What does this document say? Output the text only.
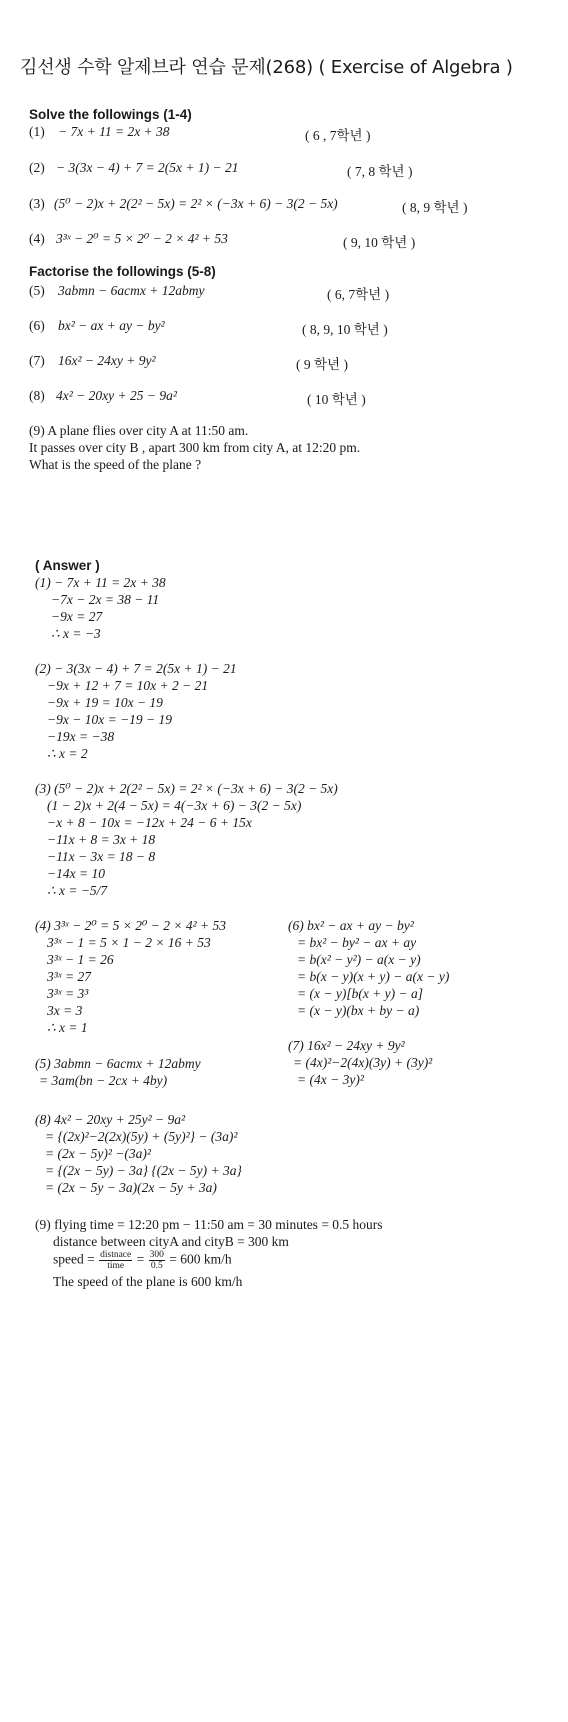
김선생 수학 알제브라 연습 문제(268) ( Exercise of Algebra )
Solve the followings (1-4)
(1) − 7x + 11 = 2x + 38	( 6 , 7학년 )
(2) − 3(3x − 4) + 7 = 2(5x + 1) − 21	( 7, 8 학년 )
(3) (5⁰ − 2)x + 2(2² − 5x) = 2² × (−3x + 6) − 3(2 − 5x)	( 8, 9 학년 )
(4) 3³ˣ − 2⁰ = 5 × 2⁰ − 2 × 4² + 53	( 9, 10 학년 )
Factorise the followings (5-8)
(5) 3abmn − 6acmx + 12abmy	( 6, 7학년 )
(6) bx² − ax + ay − by²	( 8, 9, 10 학년 )
(7) 16x² − 24xy + 9y²	( 9 학년 )
(8) 4x² − 20xy + 25 − 9a²	( 10 학년 )
(9) A plane flies over city A at 11:50 am.
It passes over city B , apart 300 km from city A, at 12:20 pm.
What is the speed of the plane ?
( Answer )
(1) − 7x + 11 = 2x + 38
−7x − 2x = 38 − 11
−9x = 27
∴ x = −3
(2) − 3(3x − 4) + 7 = 2(5x + 1) − 21
−9x + 12 + 7 = 10x + 2 − 21
−9x + 19 = 10x − 19
−9x − 10x = −19 − 19
−19x = −38
∴ x = 2
(3) (5⁰ − 2)x + 2(2² − 5x) = 2² × (−3x + 6) − 3(2 − 5x)
(1 − 2)x + 2(4 − 5x) = 4(−3x + 6) − 3(2 − 5x)
−x + 8 − 10x = −12x + 24 − 6 + 15x
−11x + 8 = 3x + 18
−11x − 3x = 18 − 8
−14x = 10
∴ x = −5/7
(4) 3³ˣ − 2⁰ = 5 × 2⁰ − 2 × 4² + 53
3³ˣ − 1 = 5 × 1 − 2 × 16 + 53
3³ˣ − 1 = 26
3³ˣ = 27
3³ˣ = 3³
3x = 3
∴ x = 1
(6) bx² − ax + ay − by²
= bx² − by² − ax + ay
= b(x² − y²) − a(x − y)
= b(x − y)(x + y) − a(x − y)
= (x − y)[b(x + y) − a]
= (x − y)(bx + by − a)
(7) 16x² − 24xy + 9y²
= (4x)²−2(4x)(3y) + (3y)²
= (4x − 3y)²
(5) 3abmn − 6acmx + 12abmy
= 3am(bn − 2cx + 4by)
(8) 4x² − 20xy + 25y² − 9a²
= {(2x)²−2(2x)(5y) + (5y)²} − (3a)²
= (2x − 5y)² −(3a)²
= {(2x − 5y) − 3a} {(2x − 5y) + 3a}
= (2x − 5y − 3a)(2x − 5y + 3a)
(9) flying time = 12:20 pm − 11:50 am = 30 minutes = 0.5 hours
distance between cityA and cityB = 300 km
speed = $\frac{\text{distnace}}{\text{time}} = \frac{300}{0.5} = 600$ km/h
The speed of the plane is 600 km/h
